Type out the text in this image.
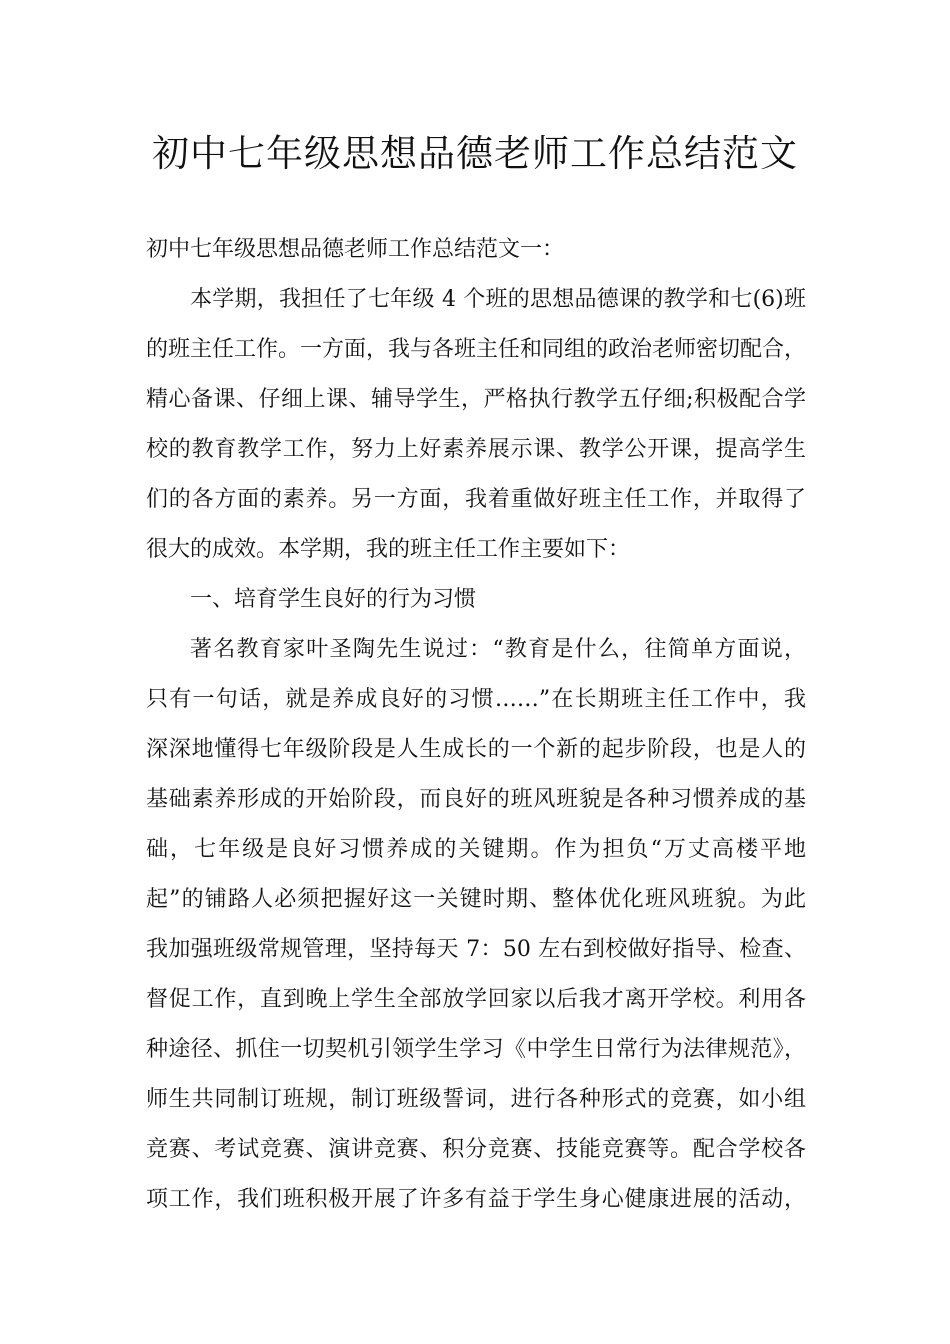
初中七年级思想品德老师工作总结范文
初中七年级思想品德老师工作总结范文一：
本学期，我担任了七年级 4 个班的思想品德课的教学和七(6)班
的班主任工作。一方面，我与各班主任和同组的政治老师密切配合，
精心备课、仔细上课、辅导学生，严格执行教学五仔细;积极配合学
校的教育教学工作，努力上好素养展示课、教学公开课，提高学生
们的各方面的素养。另一方面，我着重做好班主任工作，并取得了
很大的成效。本学期，我的班主任工作主要如下：
一、培育学生良好的行为习惯
著名教育家叶圣陶先生说过：“教育是什么，往简单方面说，
只有一句话，就是养成良好的习惯……”在长期班主任工作中，我
深深地懂得七年级阶段是人生成长的一个新的起步阶段，也是人的
基础素养形成的开始阶段，而良好的班风班貌是各种习惯养成的基
础，七年级是良好习惯养成的关键期。作为担负“万丈高楼平地
起”的铺路人必须把握好这一关键时期、整体优化班风班貌。为此
我加强班级常规管理，坚持每天 7：50 左右到校做好指导、检查、
督促工作，直到晚上学生全部放学回家以后我才离开学校。利用各
种途径、抓住一切契机引领学生学习《中学生日常行为法律规范》，
师生共同制订班规，制订班级誓词，进行各种形式的竞赛，如小组
竞赛、考试竞赛、演讲竞赛、积分竞赛、技能竞赛等。配合学校各
项工作，我们班积极开展了许多有益于学生身心健康进展的活动，
